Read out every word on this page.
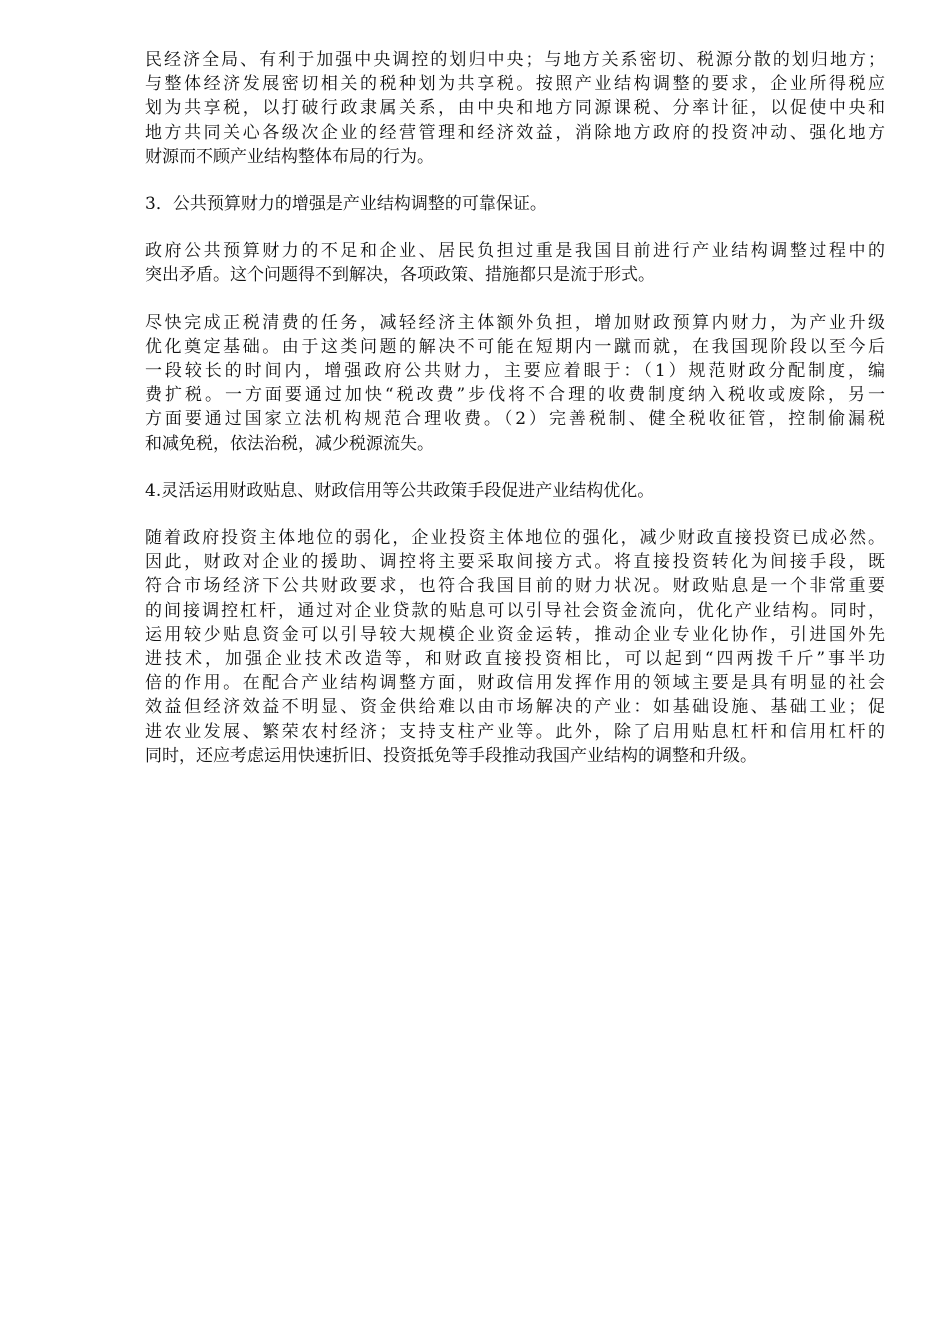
民经济全局、有利于加强中央调控的划归中央；与地方关系密切、税源分散的划归地方；
与整体经济发展密切相关的税种划为共享税。按照产业结构调整的要求，企业所得税应
划为共享税，以打破行政隶属关系，由中央和地方同源课税、分率计征，以促使中央和
地方共同关心各级次企业的经营管理和经济效益，消除地方政府的投资冲动、强化地方
财源而不顾产业结构整体布局的行为。
3．公共预算财力的增强是产业结构调整的可靠保证。
政府公共预算财力的不足和企业、居民负担过重是我国目前进行产业结构调整过程中的
突出矛盾。这个问题得不到解决，各项政策、措施都只是流于形式。
尽快完成正税清费的任务，减轻经济主体额外负担，增加财政预算内财力，为产业升级
优化奠定基础。由于这类问题的解决不可能在短期内一蹴而就，在我国现阶段以至今后
一段较长的时间内，增强政府公共财力，主要应着眼于：（1）规范财政分配制度，编
费扩税。一方面要通过加快“税改费”步伐将不合理的收费制度纳入税收或废除，另一
方面要通过国家立法机构规范合理收费。（2）完善税制、健全税收征管，控制偷漏税
和减免税，依法治税，减少税源流失。
4.灵活运用财政贴息、财政信用等公共政策手段促进产业结构优化。
随着政府投资主体地位的弱化，企业投资主体地位的强化，减少财政直接投资已成必然。
因此，财政对企业的援助、调控将主要采取间接方式。将直接投资转化为间接手段，既
符合市场经济下公共财政要求，也符合我国目前的财力状况。财政贴息是一个非常重要
的间接调控杠杆，通过对企业贷款的贴息可以引导社会资金流向，优化产业结构。同时，
运用较少贴息资金可以引导较大规模企业资金运转，推动企业专业化协作，引进国外先
进技术，加强企业技术改造等，和财政直接投资相比，可以起到“四两拨千斤”事半功
倍的作用。在配合产业结构调整方面，财政信用发挥作用的领域主要是具有明显的社会
效益但经济效益不明显、资金供给难以由市场解决的产业：如基础设施、基础工业；促
进农业发展、繁荣农村经济；支持支柱产业等。此外，除了启用贴息杠杆和信用杠杆的
同时，还应考虑运用快速折旧、投资抵免等手段推动我国产业结构的调整和升级。
